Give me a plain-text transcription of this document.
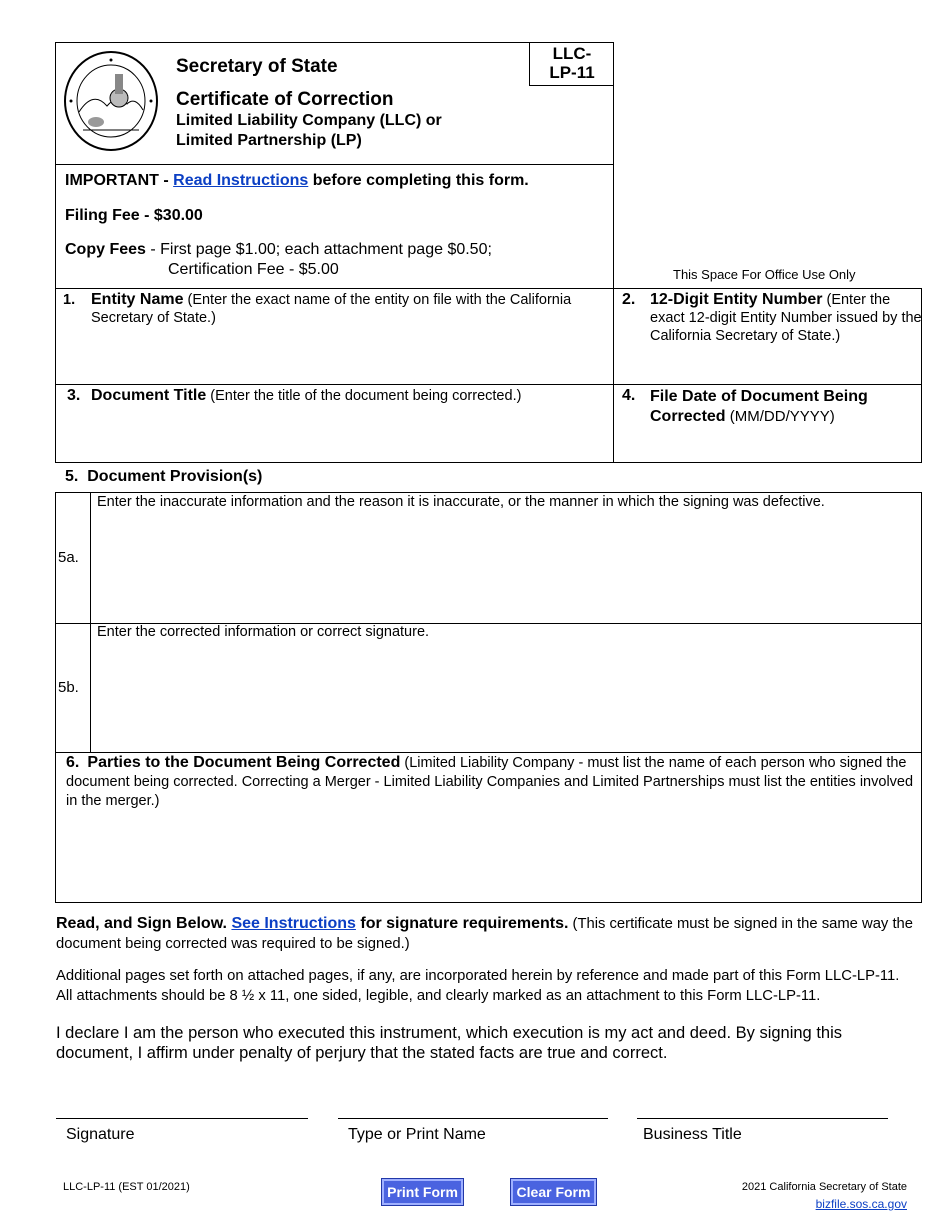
Secretary of State
LLC-
LP-11
Certificate of Correction
Limited Liability Company (LLC) or
Limited Partnership (LP)
IMPORTANT - Read Instructions before completing this form.
Filing Fee - $30.00
Copy Fees - First page $1.00; each attachment page $0.50;
Certification Fee - $5.00	This Space For Office Use Only
1. Entity Name (Enter the exact name of the entity on file with the California Secretary of State.)
2. 12-Digit Entity Number (Enter the exact 12-digit Entity Number issued by the California Secretary of State.)
3. Document Title (Enter the title of the document being corrected.)	4. File Date of Document Being Corrected (MM/DD/YYYY)
5.  Document Provision(s)
5a.
Enter the inaccurate information and the reason it is inaccurate, or the manner in which the signing was defective.
5b.
Enter the corrected information or correct signature.
6. Parties to the Document Being Corrected (Limited Liability Company - must list the name of each person who signed the document being corrected. Correcting a Merger - Limited Liability Companies and Limited Partnerships must list the entities involved in the merger.)
Read, and Sign Below. See Instructions for signature requirements. (This certificate must be signed in the same way the document being corrected was required to be signed.)
Additional pages set forth on attached pages, if any, are incorporated herein by reference and made part of this Form LLC-LP-11. All attachments should be 8 ½ x 11, one sided, legible, and clearly marked as an attachment to this Form LLC-LP-11.
I declare I am the person who executed this instrument, which execution is my act and deed. By signing this document, I affirm under penalty of perjury that the stated facts are true and correct.
Signature	Type or Print Name	Business Title
LLC-LP-11 (EST 01/2021)	Print Form	Clear Form	2021 California Secretary of State
bizfile.sos.ca.gov
